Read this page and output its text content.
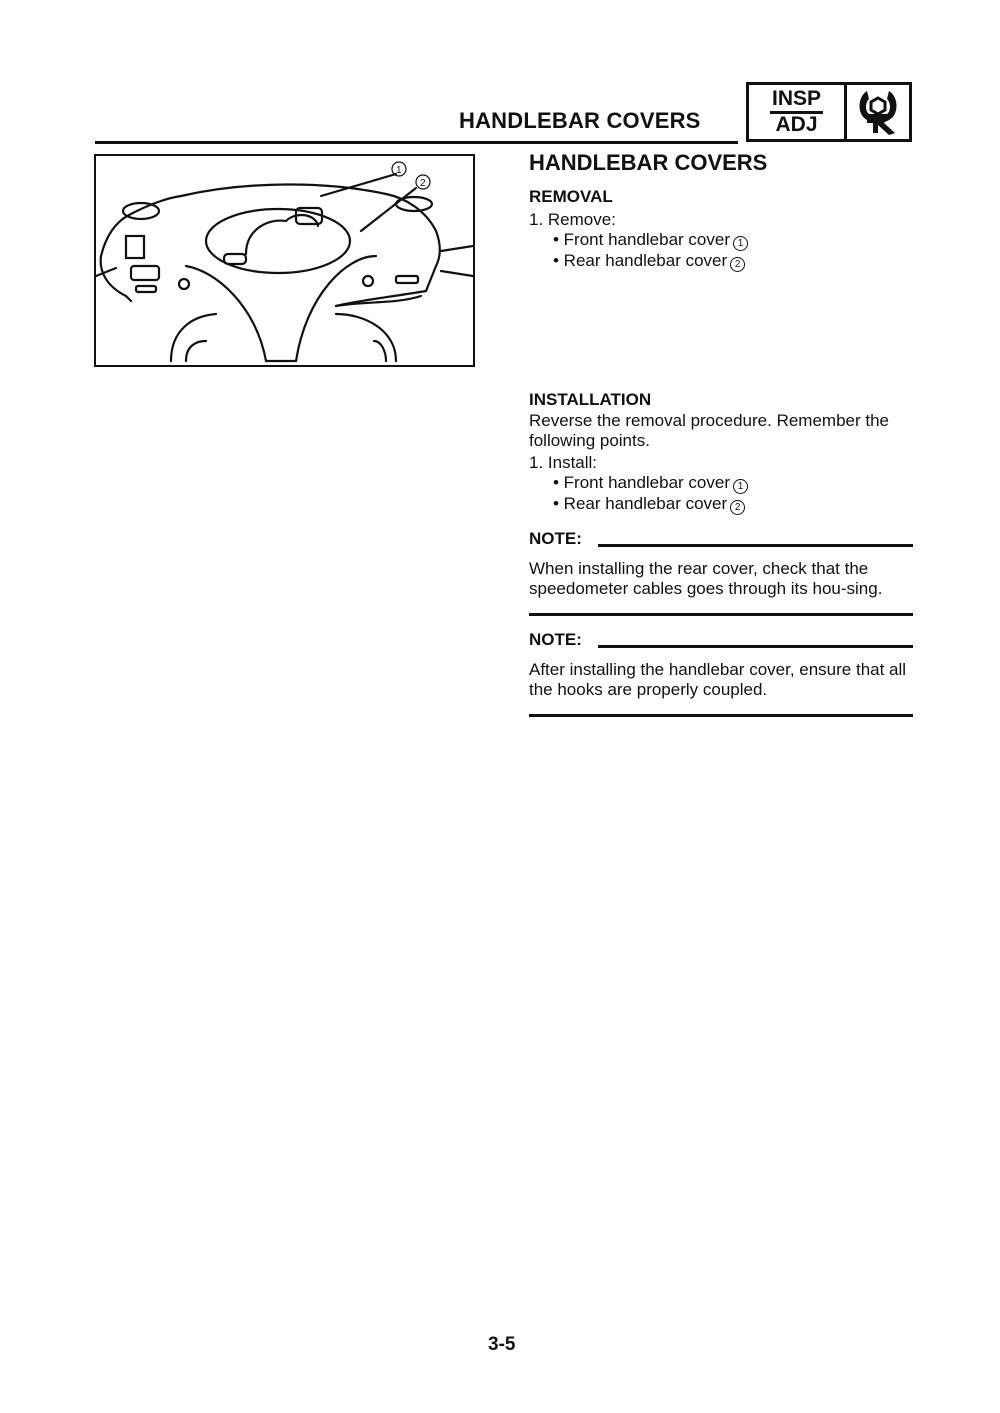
HANDLEBAR COVERS
INSP
ADJ
1
2
HANDLEBAR COVERS
REMOVAL
1. Remove:
• Front handlebar cover 1
• Rear handlebar cover 2
INSTALLATION
Reverse the removal procedure. Remember the following points.
1. Install:
• Front handlebar cover 1
• Rear handlebar cover 2
NOTE:
When installing the rear cover, check that the speedometer cables goes through its hou-sing.
NOTE:
After installing the handlebar cover, ensure that all the hooks are properly coupled.
3-5
